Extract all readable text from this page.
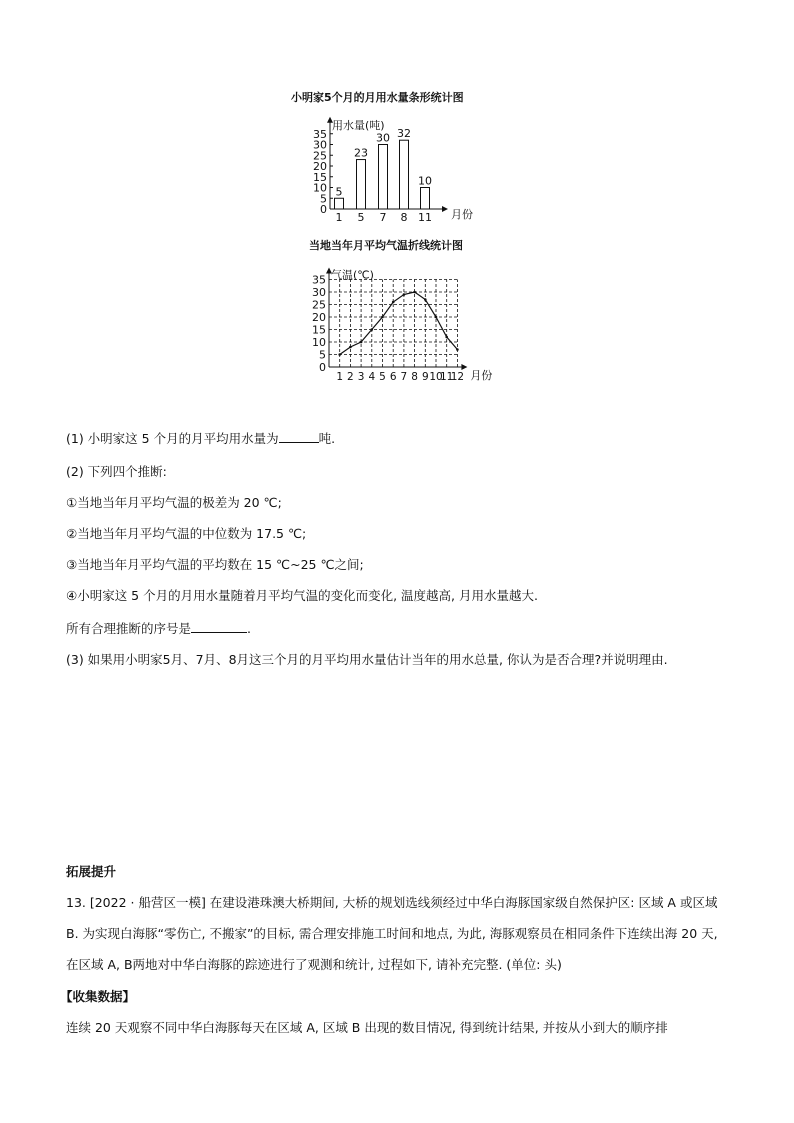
小明家5个月的月用水量条形统计图
0
5
10
15
20
25
30
35
用水量(吨)
月份
5
1
23
5
30
7
32
8
10
11
当地当年月平均气温折线统计图
0
5
10
15
20
25
30
35 气温(℃)
1 2 3 4 5 6 7 8 9 10
11
12 月份
(1) 小明家这 5 个月的月平均用水量为	吨.
(2) 下列四个推断:
①当地当年月平均气温的极差为 20 ℃;
②当地当年月平均气温的中位数为 17.5 ℃;
③当地当年月平均气温的平均数在 15 ℃~25 ℃之间;
④小明家这 5 个月的月用水量随着月平均气温的变化而变化, 温度越高, 月用水量越大.
所有合理推断的序号是	.
(3) 如果用小明家5月、7月、8月这三个月的月平均用水量估计当年的用水总量, 你认为是否合理?并说明理由.
拓展提升
13. [2022 · 船营区一模] 在建设港珠澳大桥期间, 大桥的规划选线须经过中华白海豚国家级自然保护区: 区域 A 或区域 B. 为实现白海豚“零伤亡, 不搬家”的目标, 需合理安排施工时间和地点, 为此, 海豚观察员在相同条件下连续出海 20 天, 在区域 A, B两地对中华白海豚的踪迹进行了观测和统计, 过程如下, 请补充完整. (单位: 头)
【收集数据】
连续 20 天观察不同中华白海豚每天在区域 A, 区域 B 出现的数目情况, 得到统计结果, 并按从小到大的顺序排
